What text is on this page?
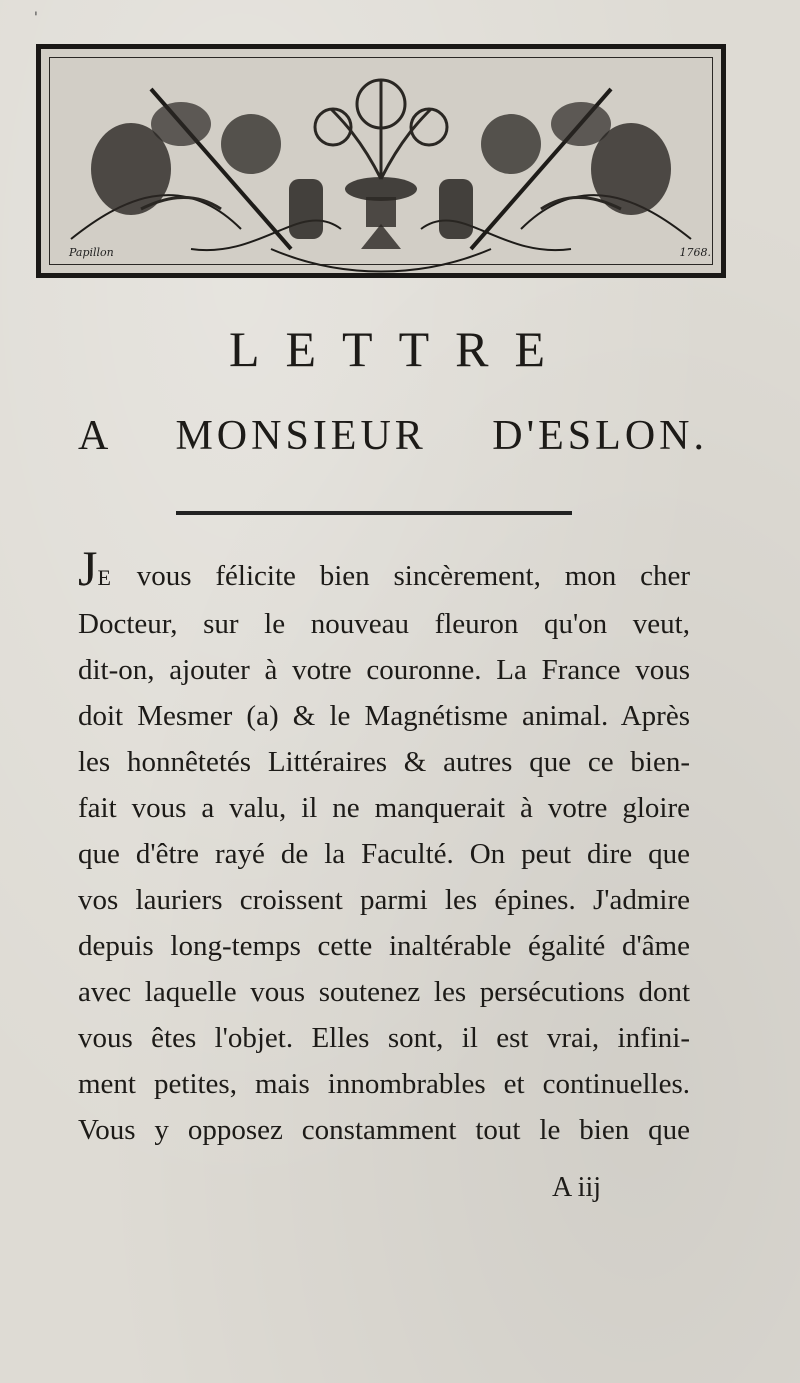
'
Papillon	1768.
LETTRE
A MONSIEUR D'ESLON.
JE vous félicite bien sincèrement, mon cher
Docteur, sur le nouveau fleuron qu'on veut,
dit-on, ajouter à votre couronne. La France vous
doit Mesmer (a) & le Magnétisme animal. Après
les honnêtetés Littéraires & autres que ce bien-
fait vous a valu, il ne manquerait à votre gloire
que d'être rayé de la Faculté. On peut dire que
vos lauriers croissent parmi les épines. J'admire
depuis long-temps cette inaltérable égalité d'âme
avec laquelle vous soutenez les persécutions dont
vous êtes l'objet. Elles sont, il est vrai, infini-
ment petites, mais innombrables et continuelles.
Vous y opposez constamment tout le bien que
A iij
